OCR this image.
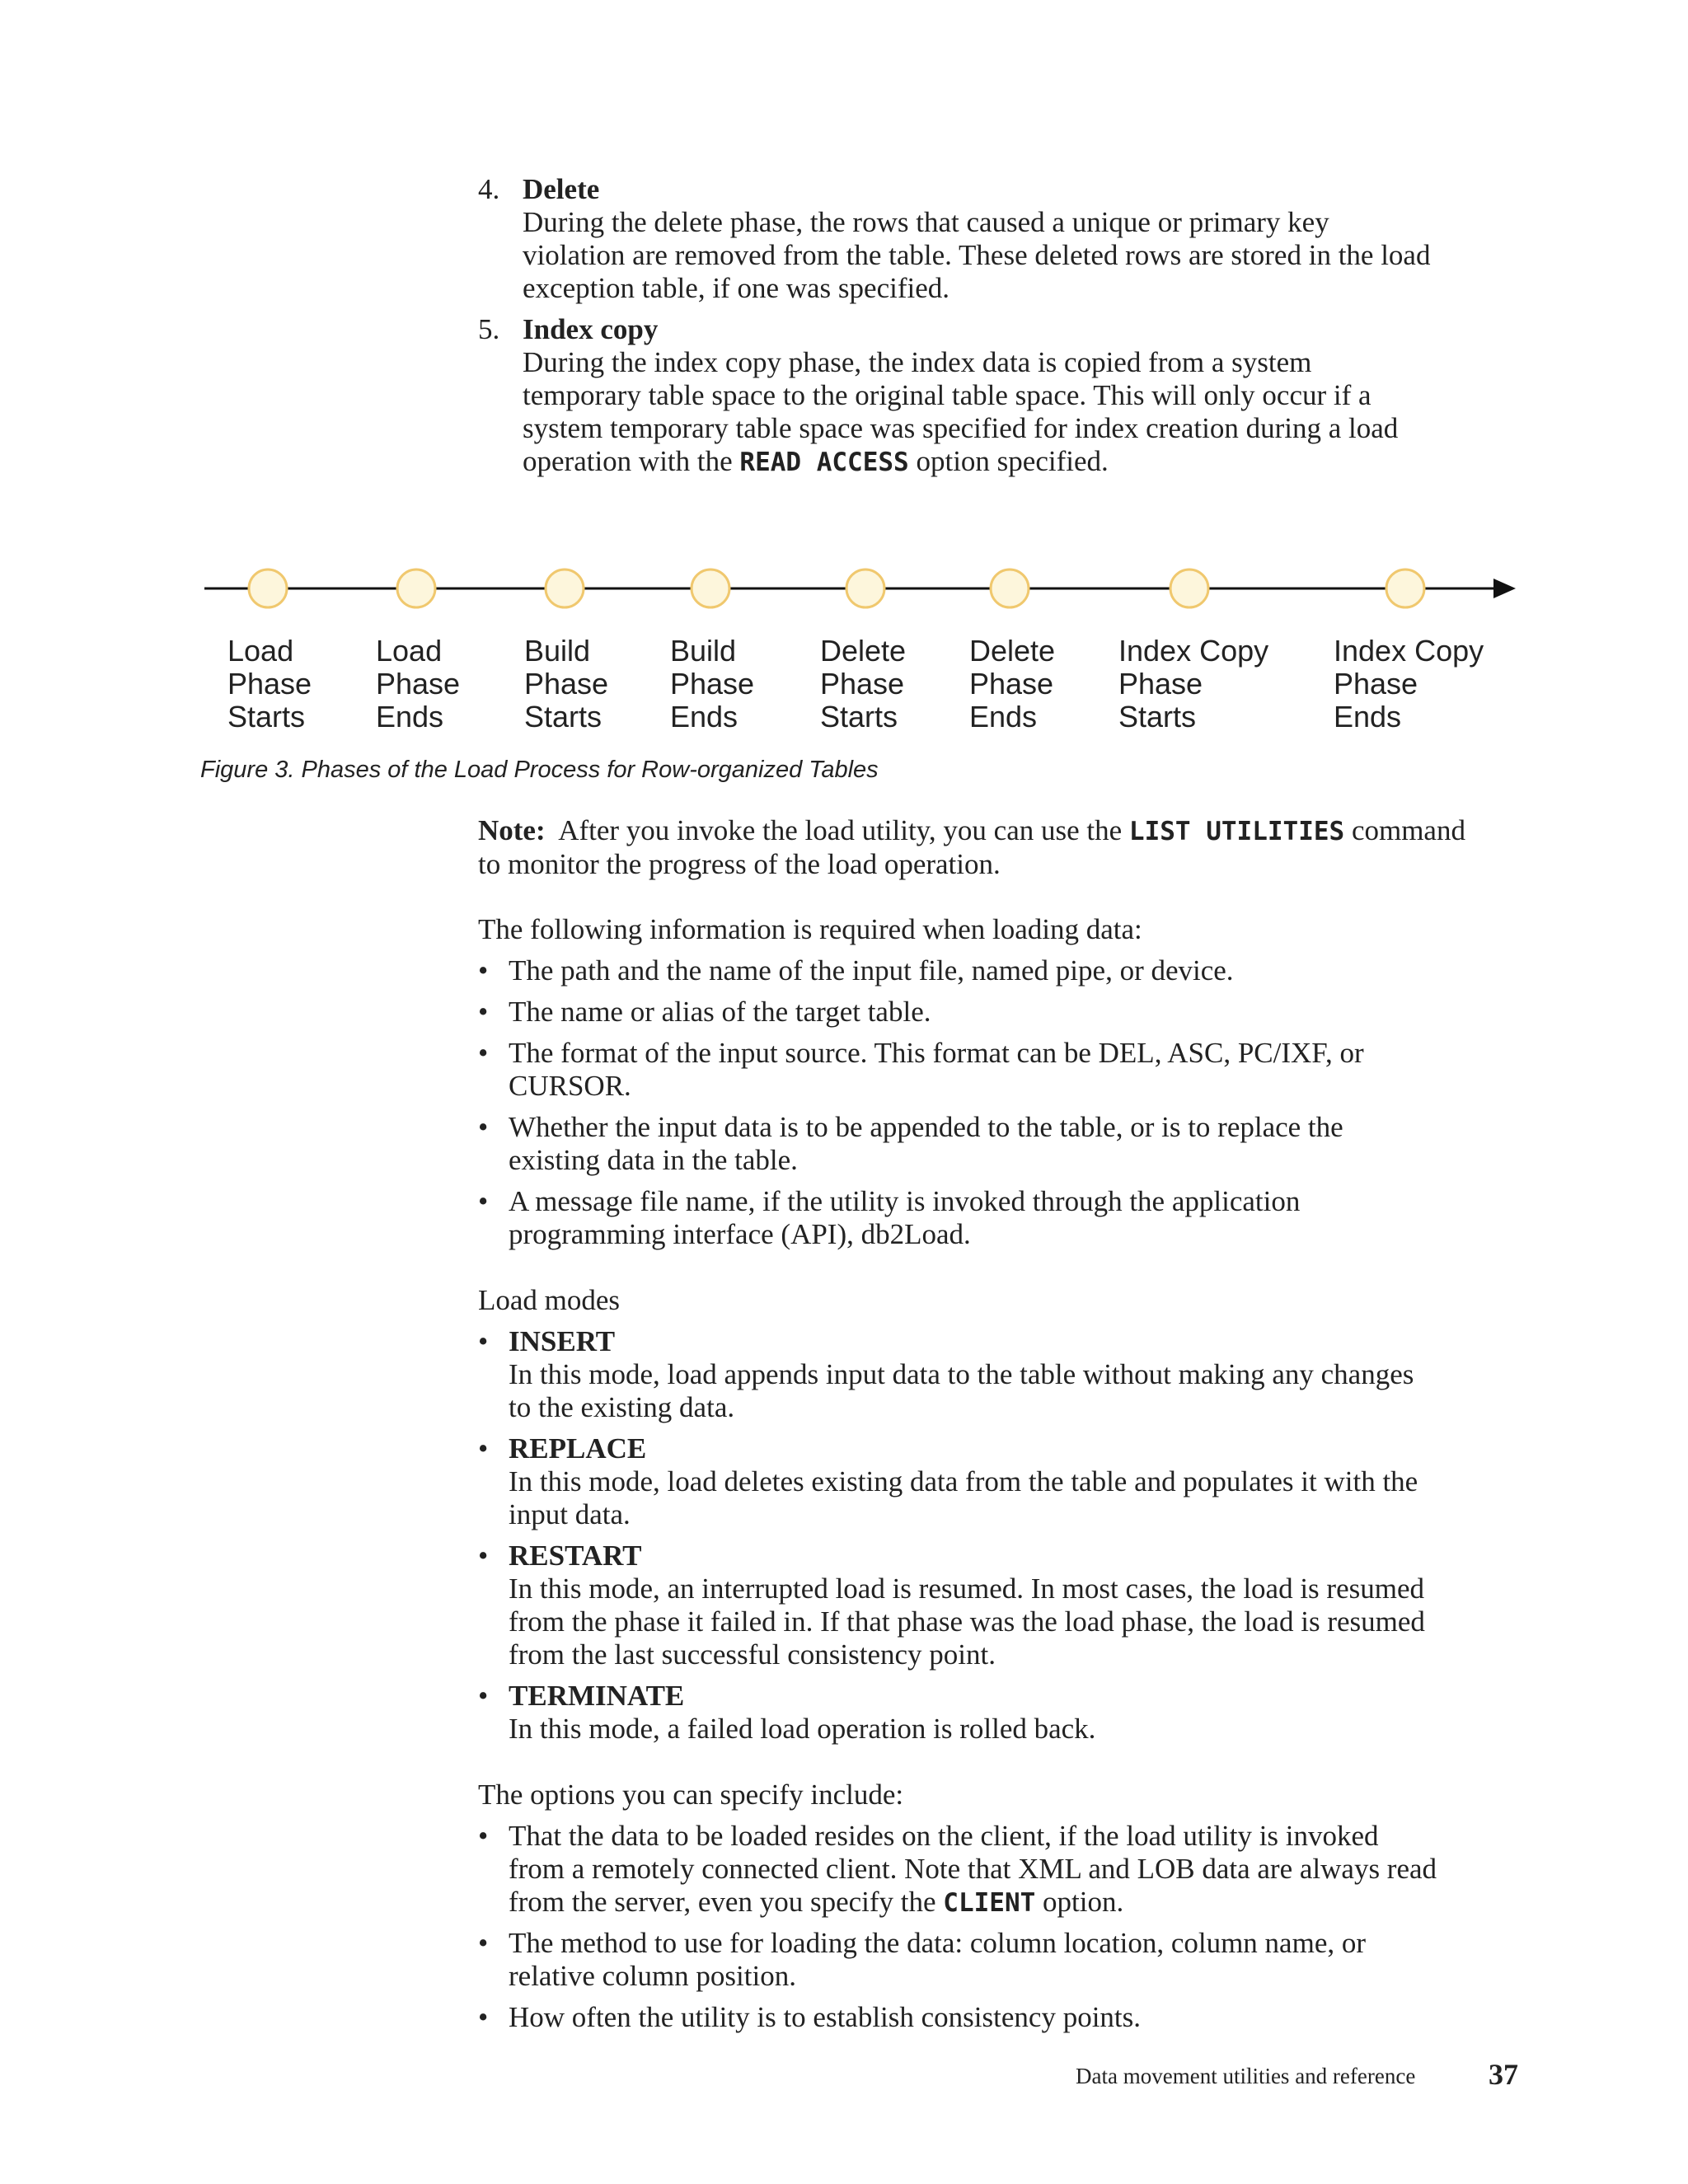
4. Delete
During the delete phase, the rows that caused a unique or primary key
violation are removed from the table. These deleted rows are stored in the load
exception table, if one was specified.
5. Index copy
During the index copy phase, the index data is copied from a system
temporary table space to the original table space. This will only occur if a
system temporary table space was specified for index creation during a load
operation with the READ ACCESS option specified.
Load
Phase
Starts
Load
Phase
Ends
Build
Phase
Starts
Build
Phase
Ends
Delete
Phase
Starts
Delete
Phase
Ends
Index Copy
Phase
Starts
Index Copy
Phase
Ends
Figure 3. Phases of the Load Process for Row-organized Tables
Note:  After you invoke the load utility, you can use the LIST UTILITIES command
to monitor the progress of the load operation.
The following information is required when loading data:
• The path and the name of the input file, named pipe, or device.
• The name or alias of the target table.
• The format of the input source. This format can be DEL, ASC, PC/IXF, or
CURSOR.
• Whether the input data is to be appended to the table, or is to replace the
existing data in the table.
• A message file name, if the utility is invoked through the application
programming interface (API), db2Load.
Load modes
• INSERT
In this mode, load appends input data to the table without making any changes
to the existing data.
• REPLACE
In this mode, load deletes existing data from the table and populates it with the
input data.
• RESTART
In this mode, an interrupted load is resumed. In most cases, the load is resumed
from the phase it failed in. If that phase was the load phase, the load is resumed
from the last successful consistency point.
• TERMINATE
In this mode, a failed load operation is rolled back.
The options you can specify include:
• That the data to be loaded resides on the client, if the load utility is invoked
from a remotely connected client. Note that XML and LOB data are always read
from the server, even you specify the CLIENT option.
• The method to use for loading the data: column location, column name, or
relative column position.
• How often the utility is to establish consistency points.
Data movement utilities and reference 37
